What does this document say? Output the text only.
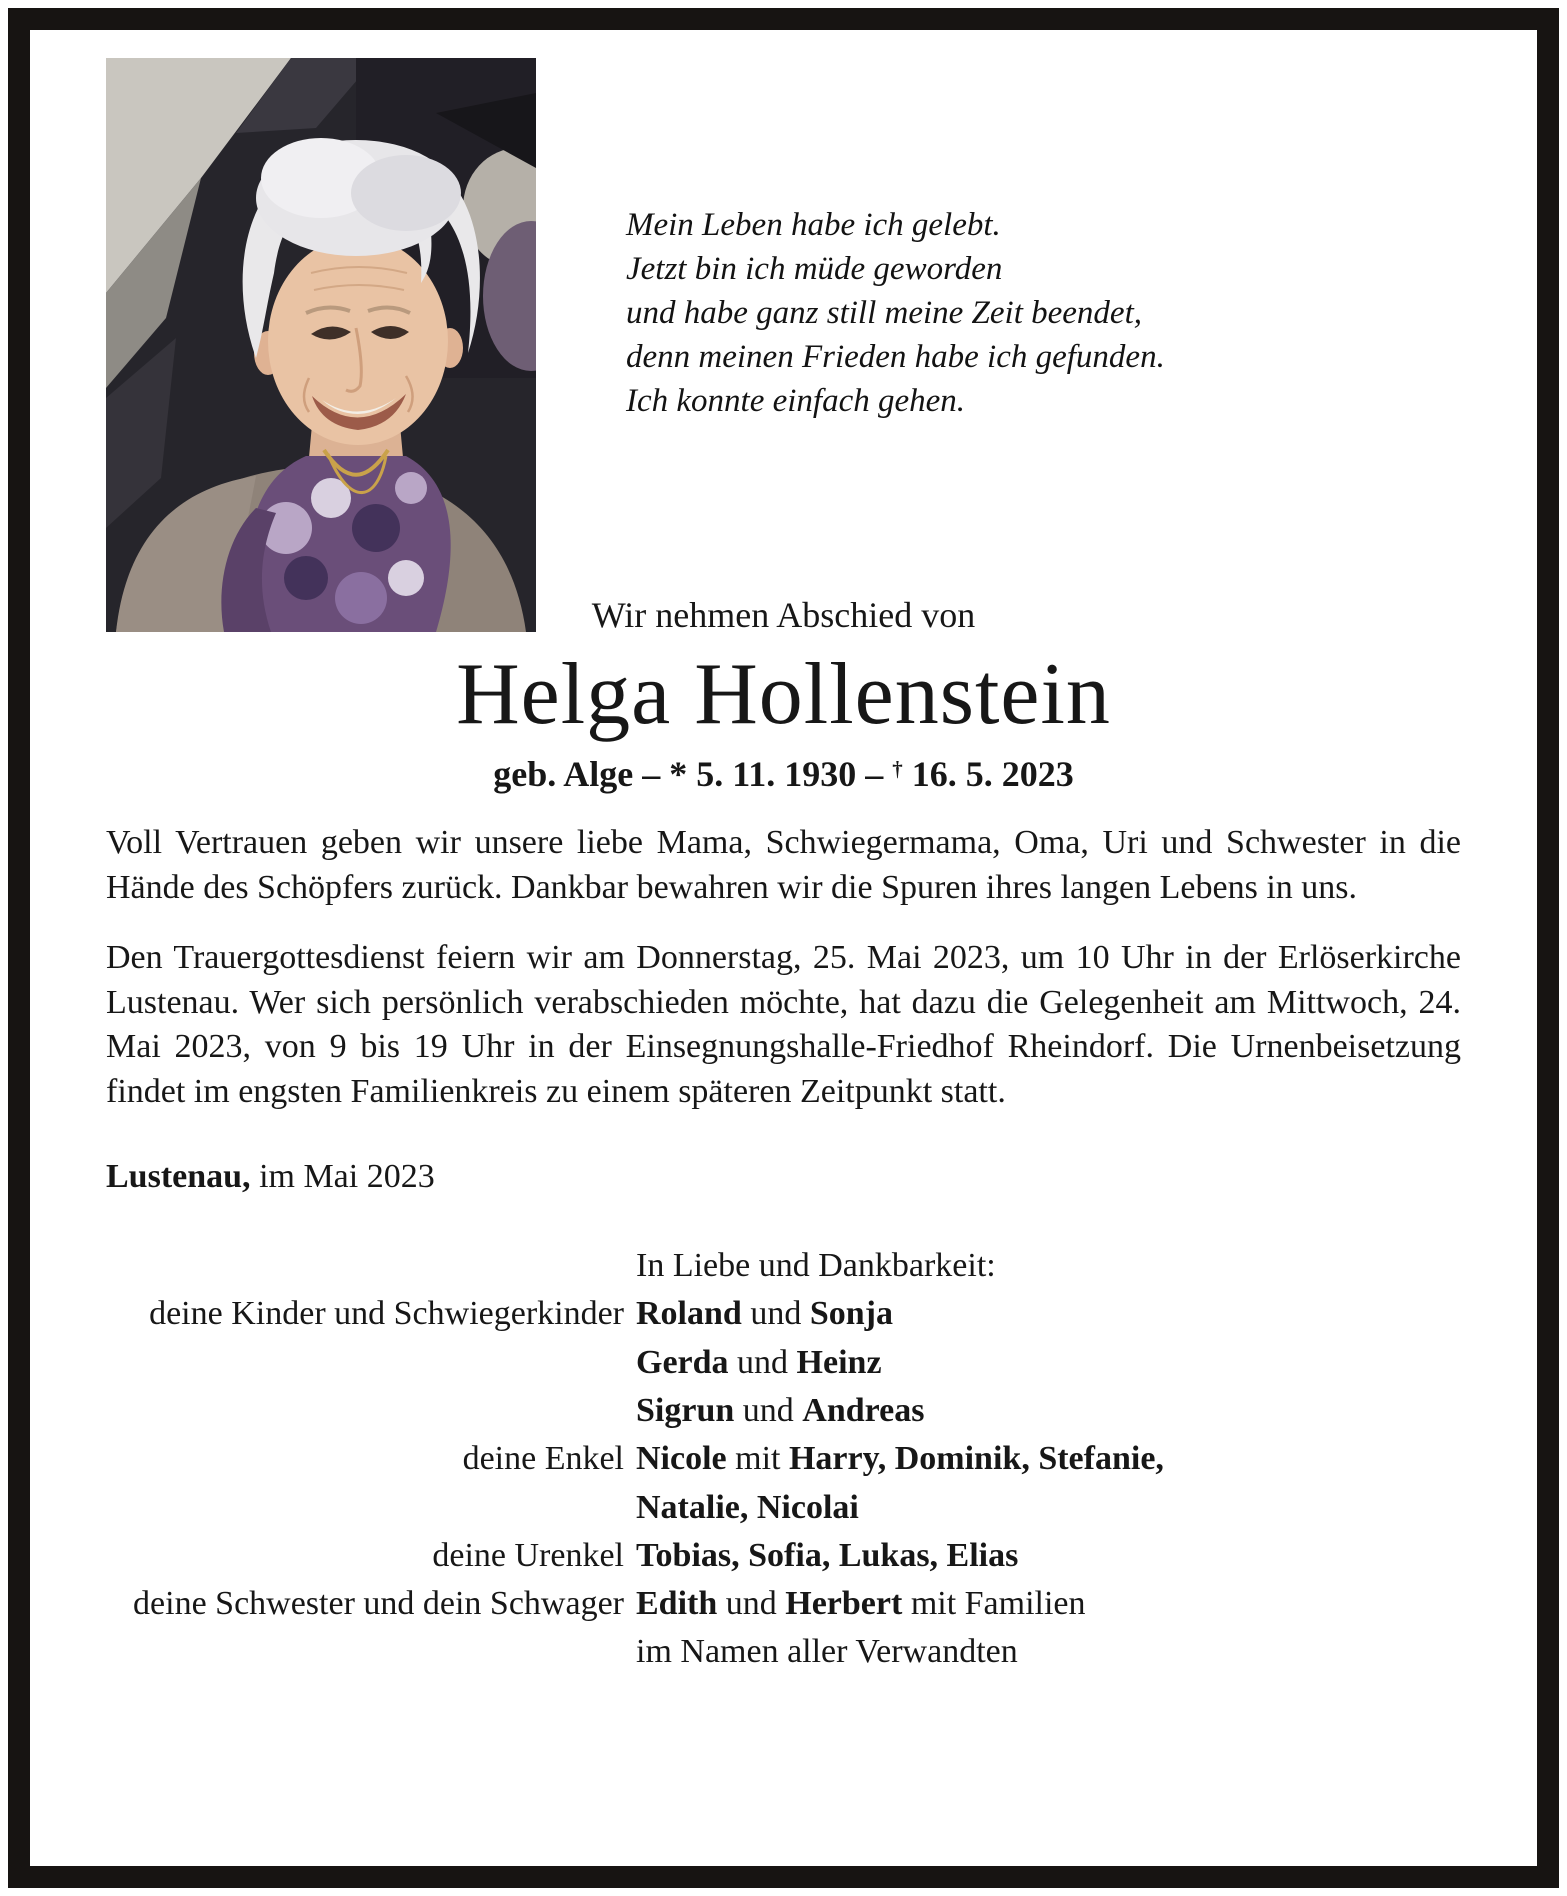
Mein Leben habe ich gelebt.
Jetzt bin ich müde geworden
und habe ganz still meine Zeit beendet,
denn meinen Frieden habe ich gefunden.
Ich konnte einfach gehen.
Wir nehmen Abschied von
Helga Hollenstein
geb. Alge – * 5. 11. 1930 – † 16. 5. 2023

Voll Vertrauen geben wir unsere liebe Mama, Schwiegermama, Oma, Uri und Schwester in die Hände des Schöpfers zurück. Dankbar bewahren wir die Spuren ihres langen Lebens in uns.

Den Trauergottesdienst feiern wir am Donnerstag, 25. Mai 2023, um 10 Uhr in der Erlöserkirche Lustenau. Wer sich persönlich verabschieden möchte, hat dazu die Gelegenheit am Mittwoch, 24. Mai 2023, von 9 bis 19 Uhr in der Einsegnungshalle-Friedhof Rheindorf. Die Urnenbeisetzung findet im engsten Familienkreis zu einem späteren Zeitpunkt statt.

Lustenau, im Mai 2023
In Liebe und Dankbarkeit:
deine Kinder und Schwiegerkinder Roland und Sonja
Gerda und Heinz
Sigrun und Andreas
deine Enkel Nicole mit Harry, Dominik, Stefanie,
Natalie, Nicolai
deine Urenkel Tobias, Sofia, Lukas, Elias
deine Schwester und dein Schwager Edith und Herbert mit Familien
im Namen aller Verwandten
